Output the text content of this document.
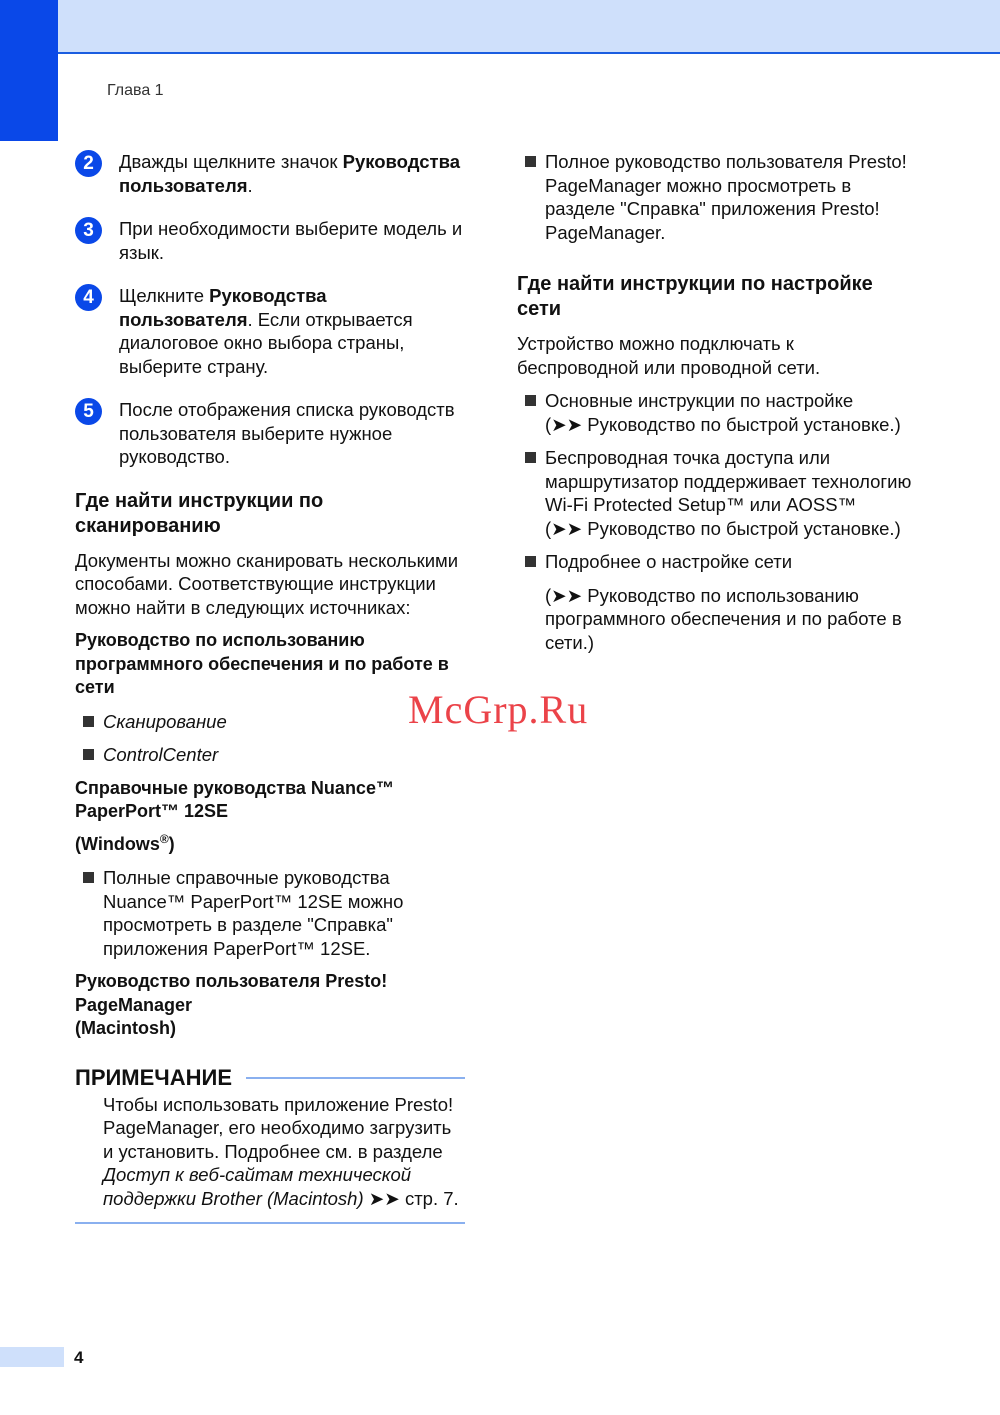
Глава 1
2	Дважды щелкните значок Руководства пользователя.
3	При необходимости выберите модель и язык.
4	Щелкните Руководства пользователя. Если открывается диалоговое окно выбора страны, выберите страну.
5	После отображения списка руководств пользователя выберите нужное руководство.
Где найти инструкции по сканированию
Документы можно сканировать несколькими способами. Соответствующие инструкции можно найти в следующих источниках:
Руководство по использованию программного обеспечения и по работе в сети
Сканирование
ControlCenter
Справочные руководства Nuance™ PaperPort™ 12SE
(Windows®)
Полные справочные руководства Nuance™ PaperPort™ 12SE можно просмотреть в разделе "Справка" приложения PaperPort™ 12SE.
Руководство пользователя Presto! PageManager
(Macintosh)
ПРИМЕЧАНИЕ
Чтобы использовать приложение Presto! PageManager, его необходимо загрузить и установить. Подробнее см. в разделе Доступ к веб-сайтам технической поддержки Brother (Macintosh) ➤➤ стр. 7.
Полное руководство пользователя Presto! PageManager можно просмотреть в разделе "Справка" приложения Presto! PageManager.
Где найти инструкции по настройке сети
Устройство можно подключать к беспроводной или проводной сети.
Основные инструкции по настройке
(➤➤ Руководство по быстрой установке.)
Беспроводная точка доступа или маршрутизатор поддерживает технологию Wi-Fi Protected Setup™ или AOSS™
(➤➤ Руководство по быстрой установке.)
Подробнее о настройке сети
(➤➤ Руководство по использованию программного обеспечения и по работе в сети.)
McGrp.Ru
4
